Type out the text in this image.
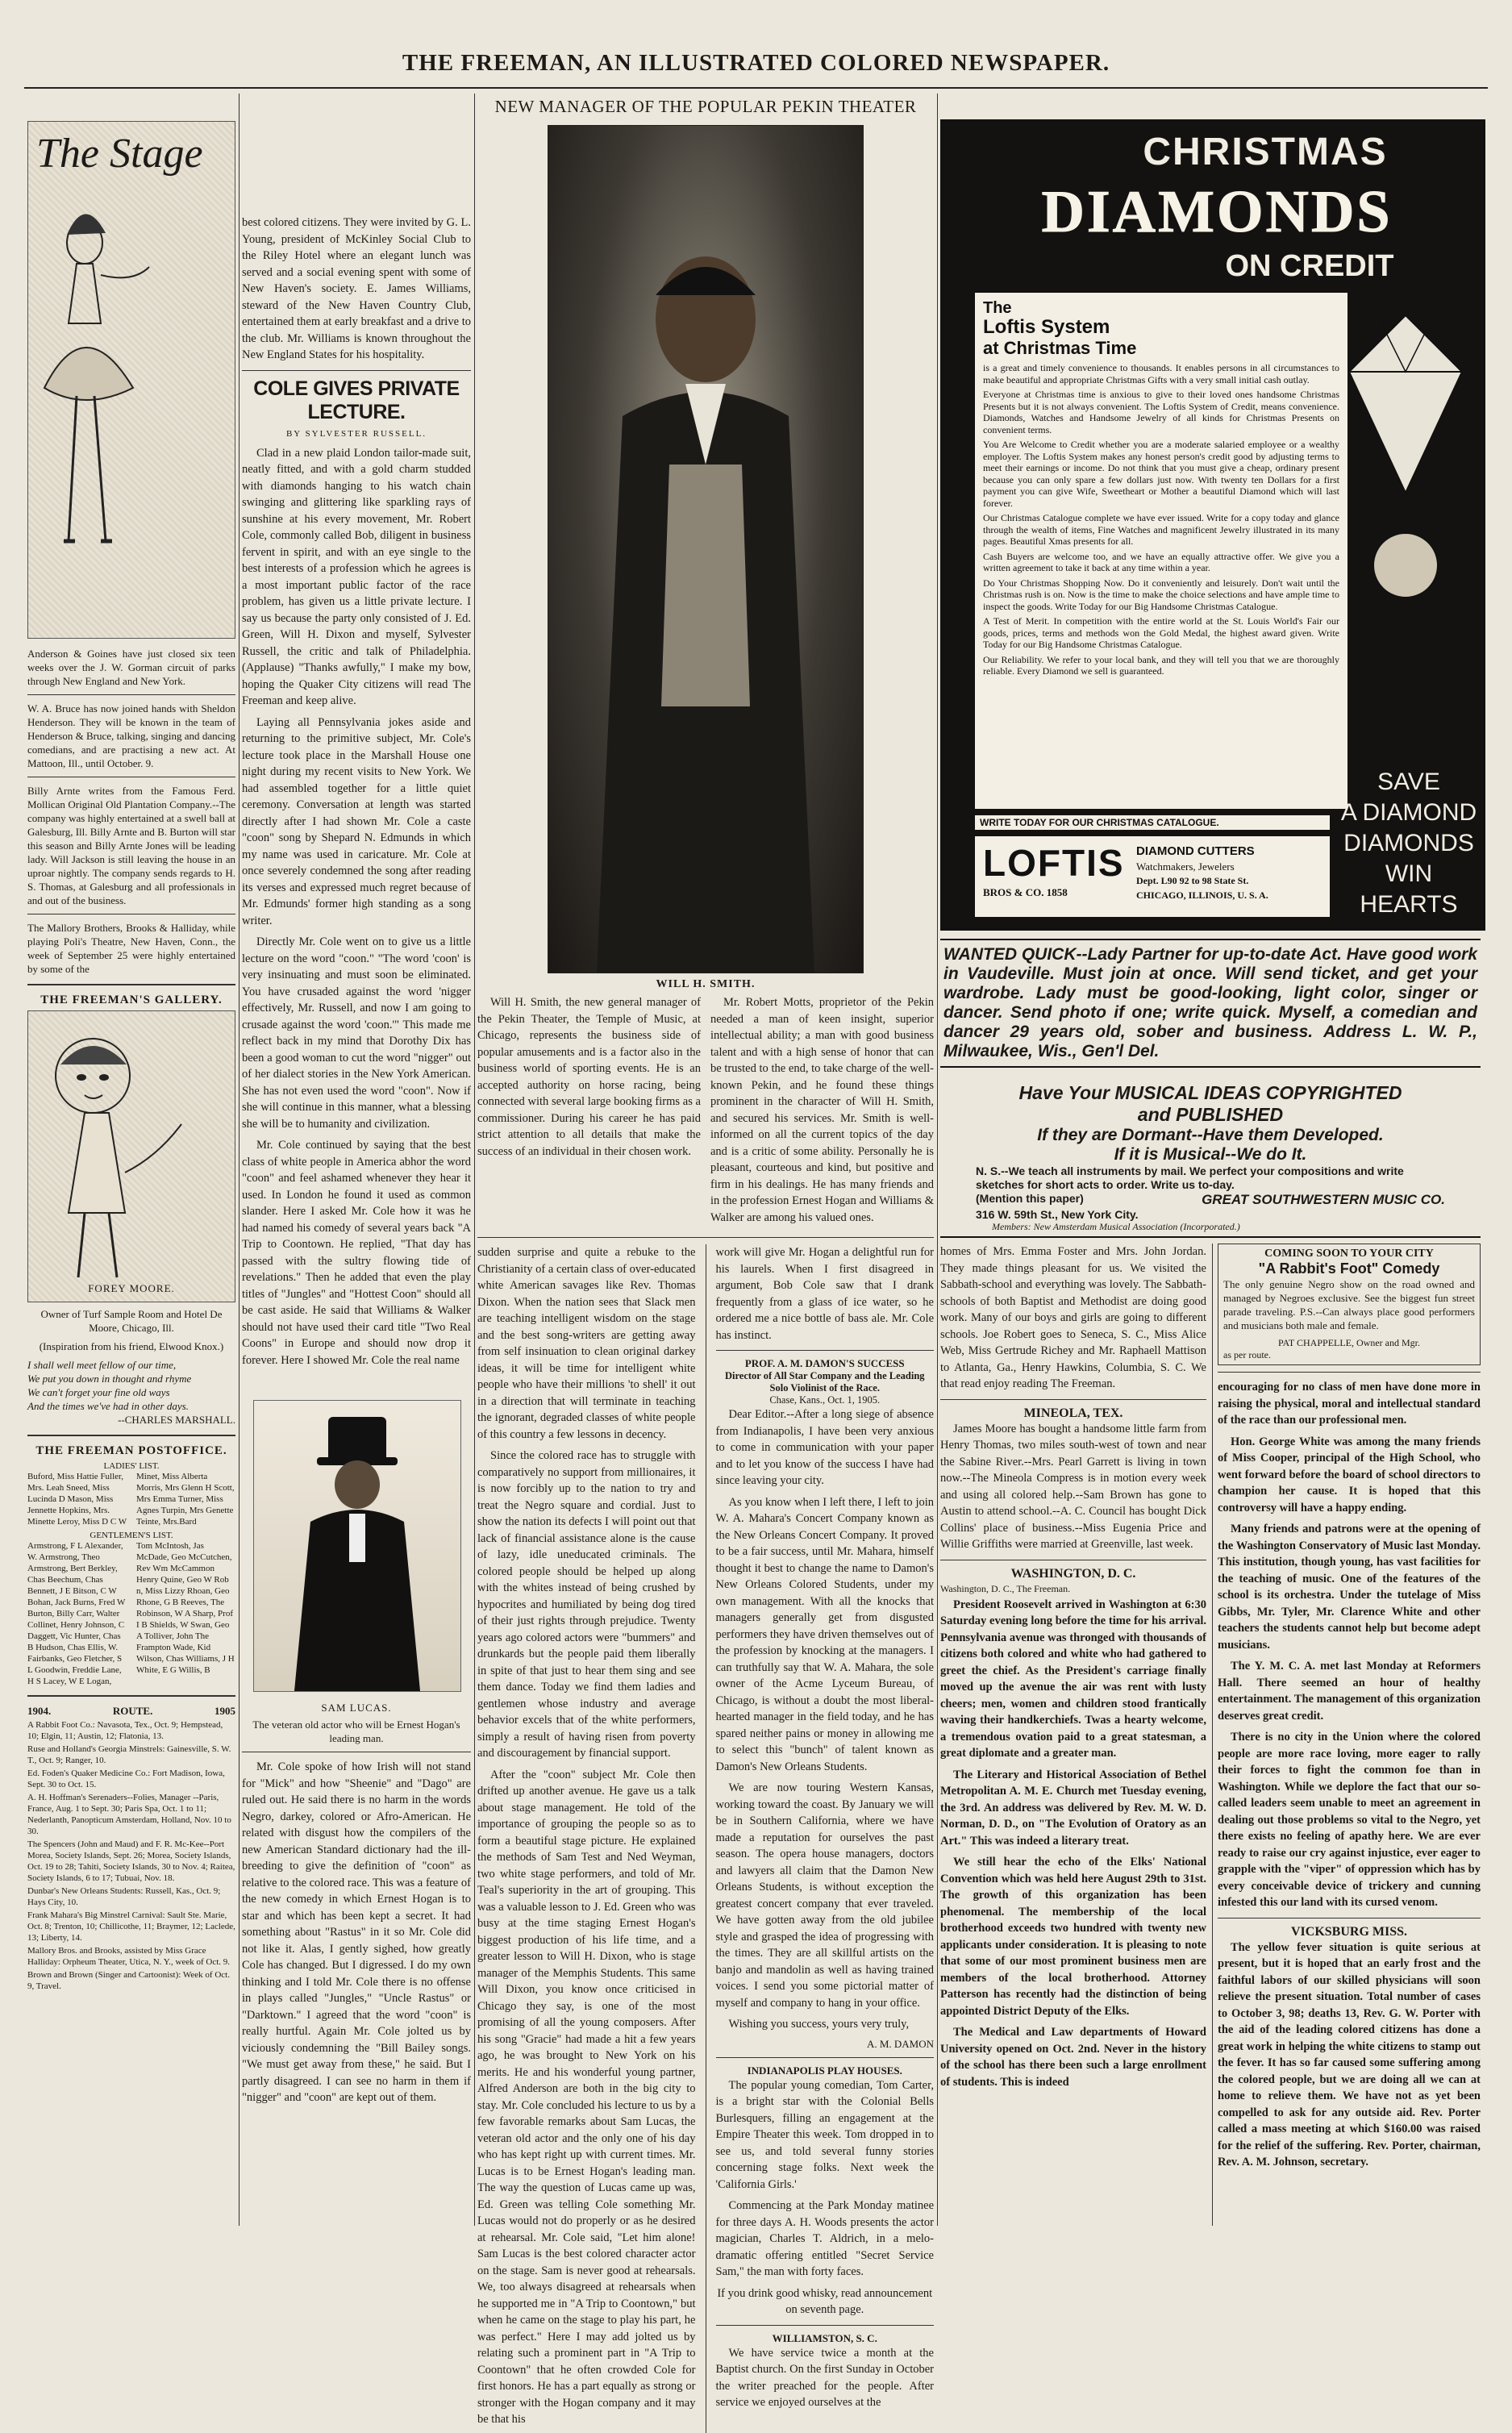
THE FREEMAN, AN ILLUSTRATED COLORED NEWSPAPER.
The Stage

Anderson & Goines have just closed six teen weeks over the J. W. Gorman circuit of parks through New England and New York.

W. A. Bruce has now joined hands with Sheldon Henderson. They will be known in the team of Henderson & Bruce, talking, singing and dancing comedians, and are practising a new act. At Mattoon, Ill., until October. 9.

Billy Arnte writes from the Famous Ferd. Mollican Original Old Plantation Company.--The company was highly entertained at a swell ball at Galesburg, Ill. Billy Arnte and B. Burton will star this season and Billy Arnte Jones will be leading lady. Will Jackson is still leaving the house in an uproar nightly. The company sends regards to H. S. Thomas, at Galesburg and all professionals in and out of the business.

The Mallory Brothers, Brooks & Halliday, while playing Poli's Theatre, New Haven, Conn., the week of September 25 were highly entertained by some of the

THE FREEMAN'S GALLERY.
FOREY MOORE.

Owner of Turf Sample Room and Hotel De Moore, Chicago, Ill.

(Inspiration from his friend, Elwood Knox.)

I shall well meet fellow of our time,
We put you down in thought and rhyme
We can't forget your fine old ways
And the times we've had in other days.
--CHARLES MARSHALL.
THE FREEMAN POSTOFFICE.
LADIES' LIST.
Buford, Miss Hattie Fuller, Mrs. Leah Sneed, Miss Lucinda D Mason, Miss Jennette Hopkins, Mrs. Minette Leroy, Miss D C W Minet, Miss Alberta Morris, Mrs Glenn H Scott, Mrs Emma Turner, Miss Agnes Turpin, Mrs Genette Teinte, Mrs.Bard
GENTLEMEN'S LIST.
Armstrong, F L Alexander, W. Armstrong, Theo Armstrong, Bert Berkley, Chas Beechum, Chas Bennett, J E Bitson, C W Bohan, Jack Burns, Fred W Burton, Billy Carr, Walter Collinet, Henry Johnson, C Daggett, Vic Hunter, Chas B Hudson, Chas Ellis, W. Fairbanks, Geo Fletcher, S L Goodwin, Freddie Lane, H S Lacey, W E Logan, Tom McIntosh, Jas McDade, Geo McCutchen, Rev Wm McCammon Henry Quine, Geo W Rob n, Miss Lizzy Rhoan, Geo Rhone, G B Reeves, The Robinson, W A Sharp, Prof I B Shields, W Swan, Geo A Tolliver, John The Frampton Wade, Kid Wilson, Chas Williams, J H White, E G Willis, B
1904.	ROUTE.	1905

A Rabbit Foot Co.: Navasota, Tex., Oct. 9; Hempstead, 10; Elgin, 11; Austin, 12; Flatonia, 13.

Ruse and Holland's Georgia Minstrels: Gainesville, S. W. T., Oct. 9; Ranger, 10.

Ed. Foden's Quaker Medicine Co.: Fort Madison, Iowa, Sept. 30 to Oct. 15.

A. H. Hoffman's Serenaders--Folies, Manager --Paris, France, Aug. 1 to Sept. 30; Paris Spa, Oct. 1 to 11; Nederlanth, Panopticum Amsterdam, Holland, Nov. 10 to 30.

The Spencers (John and Maud) and F. R. Mc-Kee--Port Morea, Society Islands, Sept. 26; Morea, Society Islands, Oct. 19 to 28; Tahiti, Society Islands, 30 to Nov. 4; Raitea, Society Islands, 6 to 17; Tubuai, Nov. 18.

Dunbar's New Orleans Students: Russell, Kas., Oct. 9; Hays City, 10.

Frank Mahara's Big Minstrel Carnival: Sault Ste. Marie, Oct. 8; Trenton, 10; Chillicothe, 11; Braymer, 12; Laclede, 13; Liberty, 14.

Mallory Bros. and Brooks, assisted by Miss Grace Halliday: Orpheum Theater, Utica, N. Y., week of Oct. 9.

Brown and Brown (Singer and Cartoonist): Week of Oct. 9, Travel.

best colored citizens. They were invited by G. L. Young, president of McKinley Social Club to the Riley Hotel where an elegant lunch was served and a social evening spent with some of New Haven's society. E. James Williams, steward of the New Haven Country Club, entertained them at early breakfast and a drive to the club. Mr. Williams is known throughout the New England States for his hospitality.

COLE GIVES PRIVATE LECTURE.
BY SYLVESTER RUSSELL.

Clad in a new plaid London tailor-made suit, neatly fitted, and with a gold charm studded with diamonds hanging to his watch chain swinging and glittering like sparkling rays of sunshine at his every movement, Mr. Robert Cole, commonly called Bob, diligent in business fervent in spirit, and with an eye single to the best interests of a profession which he agrees is a most important public factor of the race problem, has given us a little private lecture. I say us because the party only consisted of J. Ed. Green, Will H. Dixon and myself, Sylvester Russell, the critic and talk of Philadelphia. (Applause) "Thanks awfully," I make my bow, hoping the Quaker City citizens will read The Freeman and keep alive.

Laying all Pennsylvania jokes aside and returning to the primitive subject, Mr. Cole's lecture took place in the Marshall House one night during my recent visits to New York. We had assembled together for a little quiet ceremony. Conversation at length was started directly after I had shown Mr. Cole a caste "coon" song by Shepard N. Edmunds in which my name was used in caricature. Mr. Cole at once severely condemned the song after reading its verses and expressed much regret because of Mr. Edmunds' former high standing as a song writer.

Directly Mr. Cole went on to give us a little lecture on the word "coon." "The word 'coon' is very insinuating and must soon be eliminated. You have crusaded against the word 'nigger effectively, Mr. Russell, and now I am going to crusade against the word 'coon.'" This made me reflect back in my mind that Dorothy Dix has been a good woman to cut the word "nigger" out of her dialect stories in the New York American. She has not even used the word "coon". Now if she will continue in this manner, what a blessing she will be to humanity and civilization.

Mr. Cole continued by saying that the best class of white people in America abhor the word "coon" and feel ashamed whenever they hear it used. In London he found it used as common slander. Here I asked Mr. Cole how it was he had named his comedy of several years back "A Trip to Coontown. He replied, "That day has passed with the sultry flowing tide of revelations." Then he added that even the play titles of "Jungles" and "Hottest Coon" should all be cast aside. He said that Williams & Walker should not have used their card title "Two Real Coons" in Europe and should now drop it forever. Here I showed Mr. Cole the real name

SAM LUCAS.

The veteran old actor who will be Ernest Hogan's leading man.

Mr. Cole spoke of how Irish will not stand for "Mick" and how "Sheenie" and "Dago" are ruled out. He said there is no harm in the words Negro, darkey, colored or Afro-American. He related with disgust how the compilers of the new American Standard dictionary had the ill-breeding to give the definition of "coon" as relative to the colored race. This was a feature of the new comedy in which Ernest Hogan is to star and which has been kept a secret. It had something about "Rastus" in it so Mr. Cole did not like it. Alas, I gently sighed, how greatly Cole has changed. But I digressed. I do my own thinking and I told Mr. Cole there is no offense in plays called "Jungles," "Uncle Rastus" or "Darktown." I agreed that the word "coon" is really hurtful. Again Mr. Cole jolted us by viciously condemning the "Bill Bailey songs. "We must get away from these," he said. But I partly disagreed. I can see no harm in them if "nigger" and "coon" are kept out of them.

NEW MANAGER OF THE POPULAR PEKIN THEATER
WILL H. SMITH.

Will H. Smith, the new general manager of the Pekin Theater, the Temple of Music, at Chicago, represents the business side of popular amusements and is a factor also in the business world of sporting events. He is an accepted authority on horse racing, being connected with several large booking firms as a commissioner. During his career he has paid strict attention to all details that make the success of an individual in their chosen work.

Mr. Robert Motts, proprietor of the Pekin needed a man of keen insight, superior intellectual ability; a man with good business talent and with a high sense of honor that can be trusted to the end, to take charge of the well-known Pekin, and he found these things prominent in the character of Will H. Smith, and secured his services. Mr. Smith is well-informed on all the current topics of the day and is a critic of some ability. Personally he is pleasant, courteous and kind, but positive and firm in his dealings. He has many friends and in the profession Ernest Hogan and Williams & Walker are among his valued ones.

sudden surprise and quite a rebuke to the Christianity of a certain class of over-educated white American savages like Rev. Thomas Dixon. When the nation sees that Slack men are teaching intelligent wisdom on the stage and the best song-writers are getting away from self insinuation to clean original darkey ideas, it will be time for intelligent white people who have their millions 'to shell' it out in a direction that will terminate in teaching the ignorant, degraded classes of white people of this country a few lessons in decency.

Since the colored race has to struggle with comparatively no support from millionaires, it is now forcibly up to the nation to try and treat the Negro square and cordial. Just to show the nation its defects I will point out that lack of financial assistance alone is the cause of lazy, idle uneducated criminals. The colored people should be helped up along with the whites instead of being crushed by hypocrites and humiliated by being dog tired of their just rights through prejudice. Twenty years ago colored actors were "bummers" and drunkards but the people paid them liberally in spite of that just to hear them sing and see them dance. Today we find them ladies and gentlemen whose industry and average behavior excels that of the white performers, simply a result of having risen from poverty and discouragement by financial support.

After the "coon" subject Mr. Cole then drifted up another avenue. He gave us a talk about stage management. He told of the importance of grouping the people so as to form a beautiful stage picture. He explained the methods of Sam Test and Ned Weyman, two white stage performers, and told of Mr. Teal's superiority in the art of grouping. This was a valuable lesson to J. Ed. Green who was busy at the time staging Ernest Hogan's biggest production of his life time, and a greater lesson to Will H. Dixon, who is stage manager of the Memphis Students. This same Will Dixon, you know once criticised in Chicago they say, is one of the most promising of all the young composers. After his song "Gracie" had made a hit a few years ago, he was brought to New York on his merits. He and his wonderful young partner, Alfred Anderson are both in the big city to stay. Mr. Cole concluded his lecture to us by a few favorable remarks about Sam Lucas, the veteran old actor and the only one of his day who has kept right up with current times. Mr. Lucas is to be Ernest Hogan's leading man. The way the question of Lucas came up was, Ed. Green was telling Cole something Mr. Lucas would not do properly or as he desired at rehearsal. Mr. Cole said, "Let him alone! Sam Lucas is the best colored character actor on the stage. Sam is never good at rehearsals. We, too always disagreed at rehearsals when he supported me in "A Trip to Coontown," but when he came on the stage to play his part, he was perfect." Here I may add jolted us by relating such a prominent part in "A Trip to Coontown" that he often crowded Cole for first honors. He has a part equally as strong or stronger with the Hogan company and it may be that his

work will give Mr. Hogan a delightful run for his laurels. When I first disagreed in argument, Bob Cole saw that I drank frequently from a glass of ice water, so he ordered me a nice bottle of bass ale. Mr. Cole has instinct.

PROF. A. M. DAMON'S SUCCESS
Director of All Star Company and the Leading Solo Violinist of the Race.
Chase, Kans., Oct. 1, 1905.

Dear Editor.--After a long siege of absence from Indianapolis, I have been very anxious to come in communication with your paper and to let you know of the success I have had since leaving your city.

As you know when I left there, I left to join W. A. Mahara's Concert Company known as the New Orleans Concert Company. It proved to be a fair success, until Mr. Mahara, himself thought it best to change the name to Damon's New Orleans Colored Students, under my own management. With all the knocks that managers generally get from disgusted performers they have driven themselves out of the profession by knocking at the managers. I can truthfully say that W. A. Mahara, the sole owner of the Acme Lyceum Bureau, of Chicago, is without a doubt the most liberal-hearted manager in the field today, and he has spared neither pains or money in allowing me to select this "bunch" of talent known as Damon's New Orleans Students.

We are now touring Western Kansas, working toward the coast. By January we will be in Southern California, where we have made a reputation for ourselves the past season. The opera house managers, doctors and lawyers all claim that the Damon New Orleans Students, is without exception the greatest concert company that ever traveled. We have gotten away from the old jubilee style and grasped the idea of progressing with the times. They are all skillful artists on the banjo and mandolin as well as having trained voices. I send you some pictorial matter of myself and company to hang in your office.

Wishing you success, yours very truly,

A. M. DAMON
INDIANAPOLIS PLAY HOUSES.

The popular young comedian, Tom Carter, is a bright star with the Colonial Bells Burlesquers, filling an engagement at the Empire Theater this week. Tom dropped in to see us, and told several funny stories concerning stage folks. Next week the 'California Girls.'

Commencing at the Park Monday matinee for three days A. H. Woods presents the actor magician, Charles T. Aldrich, in a melo-dramatic offering entitled "Secret Service Sam," the man with forty faces.

If you drink good whisky, read announcement on seventh page.

WILLIAMSTON, S. C.

We have service twice a month at the Baptist church. On the first Sunday in October the writer preached for the people. After service we enjoyed ourselves at the

CHRISTMAS
DIAMONDS
ON CREDIT
The
Loftis System
at Christmas Time

is a great and timely convenience to thousands. It enables persons in all circumstances to make beautiful and appropriate Christmas Gifts with a very small initial cash outlay.

Everyone at Christmas time is anxious to give to their loved ones handsome Christmas Presents but it is not always convenient. The Loftis System of Credit, means convenience. Diamonds, Watches and Handsome Jewelry of all kinds for Christmas Presents on convenient terms.

You Are Welcome to Credit whether you are a moderate salaried employee or a wealthy employer. The Loftis System makes any honest person's credit good by adjusting terms to meet their earnings or income. Do not think that you must give a cheap, ordinary present because you can only spare a few dollars just now. With twenty ten Dollars for a first payment you can give Wife, Sweetheart or Mother a beautiful Diamond which will last forever.

Our Christmas Catalogue complete we have ever issued. Write for a copy today and glance through the wealth of items, Fine Watches and magnificent Jewelry illustrated in its many pages. Beautiful Xmas presents for all.

Cash Buyers are welcome too, and we have an equally attractive offer. We give you a written agreement to take it back at any time within a year.

Do Your Christmas Shopping Now. Do it conveniently and leisurely. Don't wait until the Christmas rush is on. Now is the time to make the choice selections and have ample time to inspect the goods. Write Today for our Big Handsome Christmas Catalogue.

A Test of Merit. In competition with the entire world at the St. Louis World's Fair our goods, prices, terms and methods won the Gold Medal, the highest award given. Write Today for our Big Handsome Christmas Catalogue.

Our Reliability. We refer to your local bank, and they will tell you that we are thoroughly reliable. Every Diamond we sell is guaranteed.

WRITE TODAY FOR OUR CHRISTMAS CATALOGUE.
LOFTIS
BROS & CO. 1858
DIAMOND CUTTERS
Watchmakers, Jewelers
Dept. L90 92 to 98 State St.
CHICAGO, ILLINOIS, U. S. A.
SAVE
A DIAMOND
DIAMONDS
WIN HEARTS
WANTED QUICK--Lady Partner for up-to-date Act. Have good work in Vaudeville. Must join at once. Will send ticket, and get your wardrobe. Lady must be good-looking, light color, singer or dancer. Send photo if one; write quick. Myself, a comedian and dancer 29 years old, sober and business. Address L. W. P., Milwaukee, Wis., Gen'l Del.
Have Your MUSICAL IDEAS COPYRIGHTED
and PUBLISHED
If they are Dormant--Have them Developed.
If it is Musical--We do It.
N. S.--We teach all instruments by mail. We perfect your compositions and write sketches for short acts to order. Write us to-day.
(Mention this paper)	GREAT SOUTHWESTERN MUSIC CO.
316 W. 59th St., New York City.
Members: New Amsterdam Musical Association (Incorporated.)

homes of Mrs. Emma Foster and Mrs. John Jordan. They made things pleasant for us. We visited the Sabbath-school and everything was lovely. The Sabbath-schools of both Baptist and Methodist are doing good work. Many of our boys and girls are going to different schools. Joe Robert goes to Seneca, S. C., Miss Alice Web, Miss Gertrude Richey and Mr. Raphaell Mattison to Atlanta, Ga., Henry Hawkins, Columbia, S. C. We that read enjoy reading The Freeman.

MINEOLA, TEX.

James Moore has bought a handsome little farm from Henry Thomas, two miles south-west of town and near the Sabine River.--Mrs. Pearl Garrett is living in town now.--The Mineola Compress is in motion every week and using all colored help.--Sam Brown has gone to Austin to attend school.--A. C. Council has bought Dick Collins' place of business.--Miss Eugenia Price and Willie Griffiths were married at Greenville, last week.

WASHINGTON, D. C.
Washington, D. C., The Freeman.

President Roosevelt arrived in Washington at 6:30 Saturday evening long before the time for his arrival. Pennsylvania avenue was thronged with thousands of citizens both colored and white who had gathered to greet the chief. As the President's carriage finally moved up the avenue the air was rent with lusty cheers; men, women and children stood frantically waving their handkerchiefs. Twas a hearty welcome, a tremendous ovation paid to a great statesman, a great diplomate and a greater man.

The Literary and Historical Association of Bethel Metropolitan A. M. E. Church met Tuesday evening, the 3rd. An address was delivered by Rev. M. W. D. Norman, D. D., on "The Evolution of Oratory as an Art." This was indeed a literary treat.

We still hear the echo of the Elks' National Convention which was held here August 29th to 31st. The growth of this organization has been phenomenal. The membership of the local brotherhood exceeds two hundred with twenty new applicants under consideration. It is pleasing to note that some of our most prominent business men are members of the local brotherhood. Attorney Patterson has recently had the distinction of being appointed District Deputy of the Elks.

The Medical and Law departments of Howard University opened on Oct. 2nd. Never in the history of the school has there been such a large enrollment of students. This is indeed

COMING SOON TO YOUR CITY
"A Rabbit's Foot" Comedy
The only genuine Negro show on the road owned and managed by Negroes exclusive. See the biggest fun street parade traveling. P.S.--Can always place good performers and musicians both male and female.
PAT CHAPPELLE, Owner and Mgr.
as per route.

encouraging for no class of men have done more in raising the physical, moral and intellectual standard of the race than our professional men.

Hon. George White was among the many friends of Miss Cooper, principal of the High School, who went forward before the board of school directors to champion her cause. It is hoped that this controversy will have a happy ending.

Many friends and patrons were at the opening of the Washington Conservatory of Music last Monday. This institution, though young, has vast facilities for the teaching of music. One of the features of the school is its orchestra. Under the tutelage of Miss Gibbs, Mr. Tyler, Mr. Clarence White and other teachers the students cannot help but become adept musicians.

The Y. M. C. A. met last Monday at Reformers Hall. There seemed an hour of healthy entertainment. The management of this organization deserves great credit.

There is no city in the Union where the colored people are more race loving, more eager to rally their forces to fight the common foe than in Washington. While we deplore the fact that our so-called leaders seem unable to meet an agreement in dealing out those problems so vital to the Negro, yet there exists no feeling of apathy here. We are ever ready to raise our cry against injustice, ever eager to grapple with the "viper" of oppression which has by every conceivable device of trickery and cunning infested this our land with its cursed venom.

VICKSBURG MISS.

The yellow fever situation is quite serious at present, but it is hoped that an early frost and the faithful labors of our skilled physicians will soon relieve the present situation. Total number of cases to October 3, 98; deaths 13, Rev. G. W. Porter with the aid of the leading colored citizens has done a great work in helping the white citizens to stamp out the fever. It has so far caused some suffering among the colored people, but we are doing all we can at home to relieve them. We have not as yet been compelled to ask for any outside aid. Rev. Porter called a mass meeting at which $160.00 was raised for the relief of the suffering. Rev. Porter, chairman, Rev. A. M. Johnson, secretary.
